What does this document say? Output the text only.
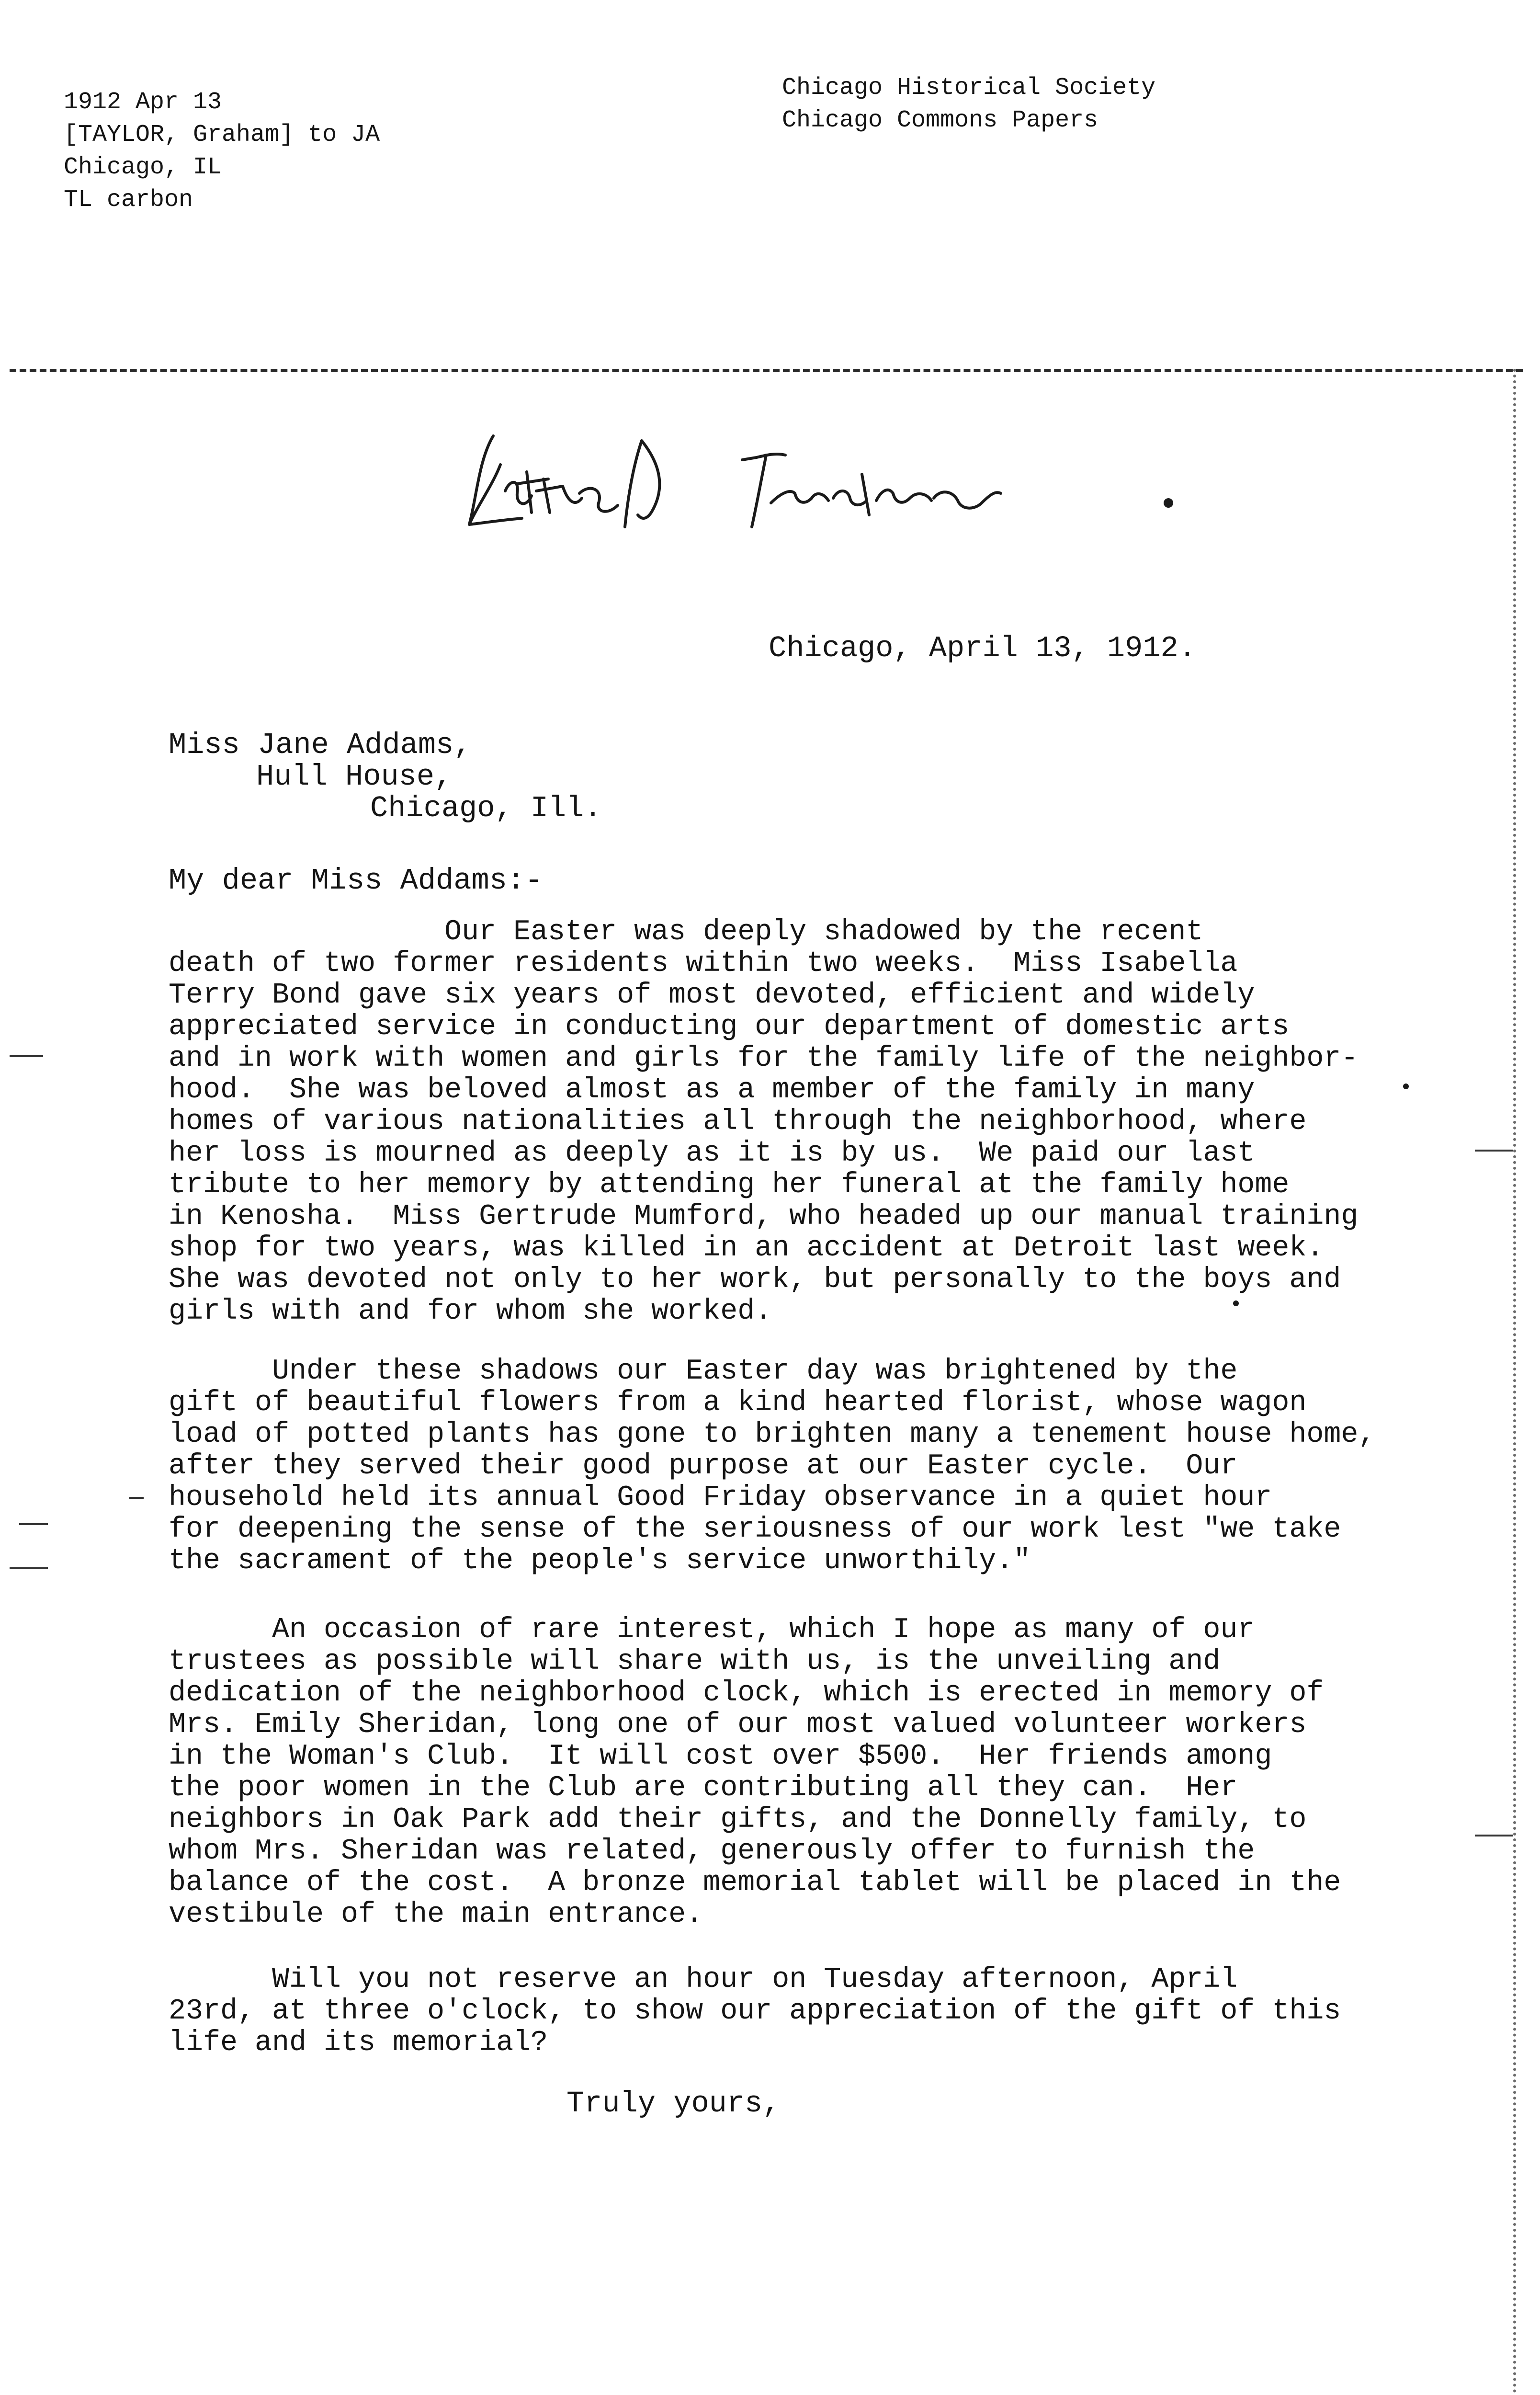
1912 Apr 13
[TAYLOR, Graham] to JA
Chicago, IL
TL carbon
Chicago Historical Society
Chicago Commons Papers
Chicago, April 13, 1912.
Miss Jane Addams,
Hull House,
Chicago, Ill.
My dear Miss Addams:-
Our Easter was deeply shadowed by the recent
death of two former residents within two weeks.  Miss Isabella
Terry Bond gave six years of most devoted, efficient and widely
appreciated service in conducting our department of domestic arts
and in work with women and girls for the family life of the neighbor-
hood.  She was beloved almost as a member of the family in many
homes of various nationalities all through the neighborhood, where
her loss is mourned as deeply as it is by us.  We paid our last
tribute to her memory by attending her funeral at the family home
in Kenosha.  Miss Gertrude Mumford, who headed up our manual training
shop for two years, was killed in an accident at Detroit last week.
She was devoted not only to her work, but personally to the boys and
girls with and for whom she worked.
Under these shadows our Easter day was brightened by the
gift of beautiful flowers from a kind hearted florist, whose wagon
load of potted plants has gone to brighten many a tenement house home,
after they served their good purpose at our Easter cycle.  Our
household held its annual Good Friday observance in a quiet hour
for deepening the sense of the seriousness of our work lest "we take
the sacrament of the people's service unworthily."
An occasion of rare interest, which I hope as many of our
trustees as possible will share with us, is the unveiling and
dedication of the neighborhood clock, which is erected in memory of
Mrs. Emily Sheridan, long one of our most valued volunteer workers
in the Woman's Club.  It will cost over $500.  Her friends among
the poor women in the Club are contributing all they can.  Her
neighbors in Oak Park add their gifts, and the Donnelly family, to
whom Mrs. Sheridan was related, generously offer to furnish the
balance of the cost.  A bronze memorial tablet will be placed in the
vestibule of the main entrance.
Will you not reserve an hour on Tuesday afternoon, April
23rd, at three o'clock, to show our appreciation of the gift of this
life and its memorial?
Truly yours,
